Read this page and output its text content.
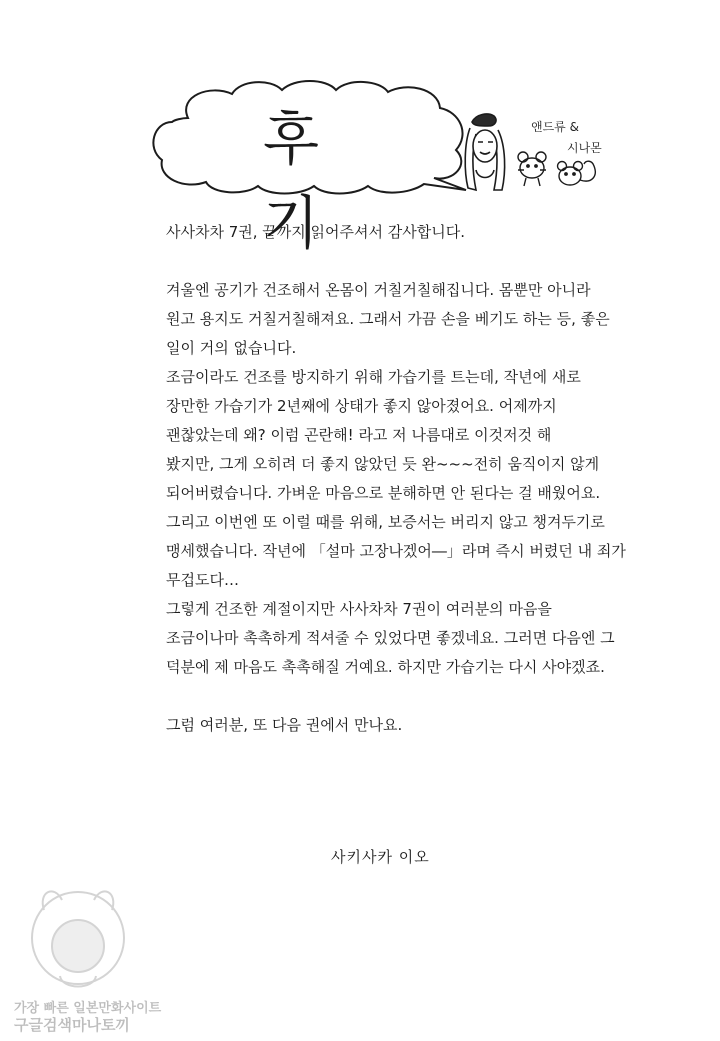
후기
앤드류 &
시나몬
사사차차 7권, 끝까지 읽어주셔서 감사합니다.
겨울엔 공기가 건조해서 온몸이 거칠거칠해집니다. 몸뿐만 아니라
원고 용지도 거칠거칠해져요. 그래서 가끔 손을 베기도 하는 등, 좋은
일이 거의 없습니다.
조금이라도 건조를 방지하기 위해 가습기를 트는데, 작년에 새로
장만한 가습기가 2년째에 상태가 좋지 않아졌어요. 어제까지
괜찮았는데 왜? 이럼 곤란해! 라고 저 나름대로 이것저것 해
봤지만, 그게 오히려 더 좋지 않았던 듯 완~~~전히 움직이지 않게
되어버렸습니다. 가벼운 마음으로 분해하면 안 된다는 걸 배웠어요.
그리고 이번엔 또 이럴 때를 위해, 보증서는 버리지 않고 챙겨두기로
맹세했습니다. 작년에 「설마 고장나겠어―」라며 즉시 버렸던 내 죄가
무겁도다…
그렇게 건조한 계절이지만 사사차차 7권이 여러분의 마음을
조금이나마 촉촉하게 적셔줄 수 있었다면 좋겠네요. 그러면 다음엔 그
덕분에 제 마음도 촉촉해질 거예요. 하지만 가습기는 다시 사야겠죠.
그럼 여러분, 또 다음 권에서 만나요.
사키사카 이오
가장 빠른 일본만화사이트
구글검색마나토끼
